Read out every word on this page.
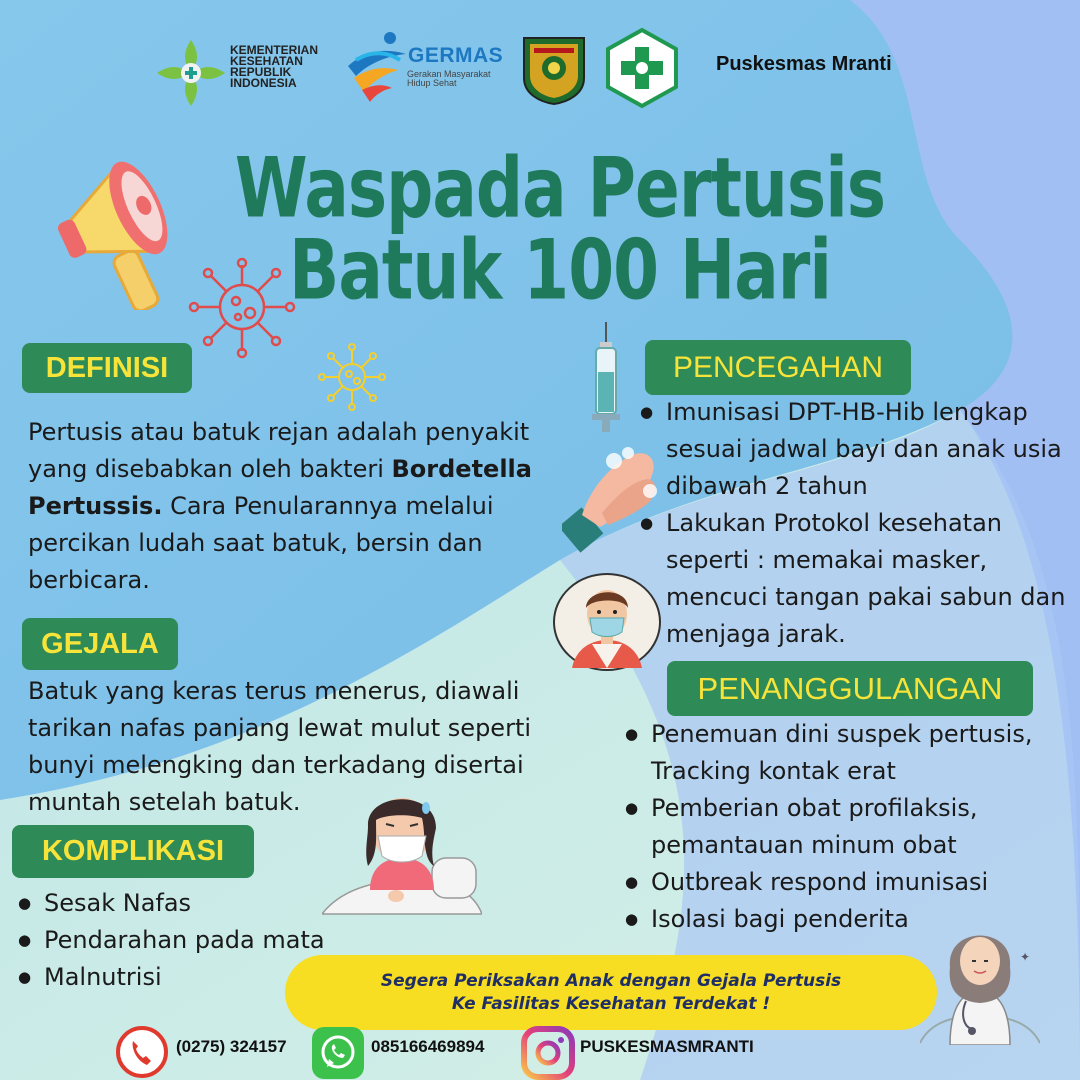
KEMENTERIAN
KESEHATAN
REPUBLIK
INDONESIA
GERMAS
Gerakan Masyarakat
Hidup Sehat
Puskesmas Mranti
Waspada Pertusis
Batuk 100 Hari
DEFINISI
Pertusis atau batuk rejan adalah penyakit yang disebabkan oleh bakteri Bordetella Pertussis. Cara Penularannya melalui percikan ludah saat batuk, bersin dan berbicara.
GEJALA
Batuk yang keras terus menerus, diawali tarikan nafas panjang lewat mulut seperti bunyi melengking dan terkadang disertai muntah setelah batuk.
KOMPLIKASI
● Sesak Nafas
● Pendarahan pada mata
● Malnutrisi
PENCEGAHAN
● Imunisasi DPT-HB-Hib lengkap sesuai jadwal bayi dan anak usia dibawah 2 tahun
● Lakukan Protokol kesehatan seperti : memakai masker, mencuci tangan pakai sabun dan menjaga jarak.
PENANGGULANGAN
● Penemuan dini suspek pertusis, Tracking kontak erat
● Pemberian obat profilaksis, pemantauan minum obat
● Outbreak respond imunisasi
● Isolasi bagi penderita
✦
Segera Periksakan Anak dengan Gejala Pertusis
Ke Fasilitas Kesehatan Terdekat !
(0275) 324157	085166469894	PUSKESMASMRANTI
